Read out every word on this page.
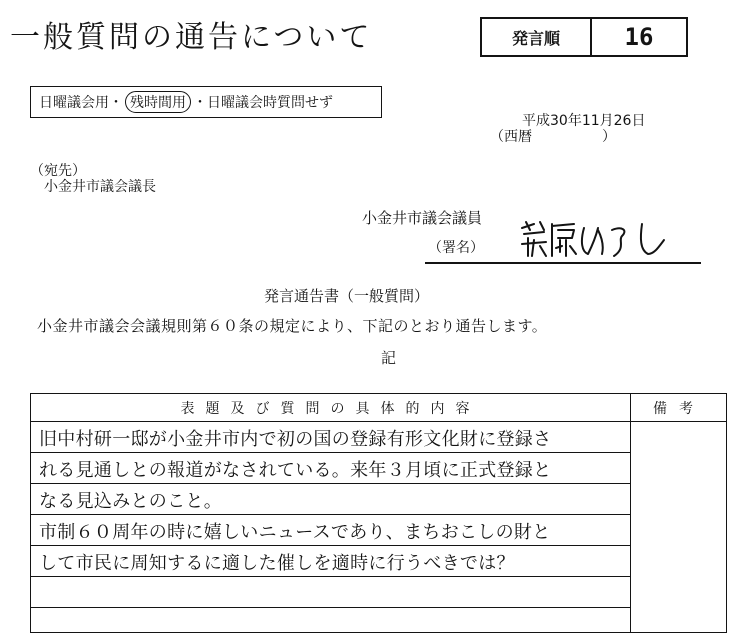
一般質問の通告について	発言順	16
日曜議会用 ・ 残時間用 ・ 日曜議会時質問せず
平成30年11月26日
（西暦　　　　　）
（宛先）
小金井市議会議長
小金井市議会議員
（署名）
発言通告書（一般質問）
小金井市議会会議規則第６０条の規定により、下記のとおり通告します。
記
表題及び質問の具体的内容	備考
旧中村研一邸が小金井市内で初の国の登録有形文化財に登録さ
れる見通しとの報道がなされている。来年３月頃に正式登録と
なる見込みとのこと。
市制６０周年の時に嬉しいニュースであり、まちおこしの財と
して市民に周知するに適した催しを適時に行うべきでは？
